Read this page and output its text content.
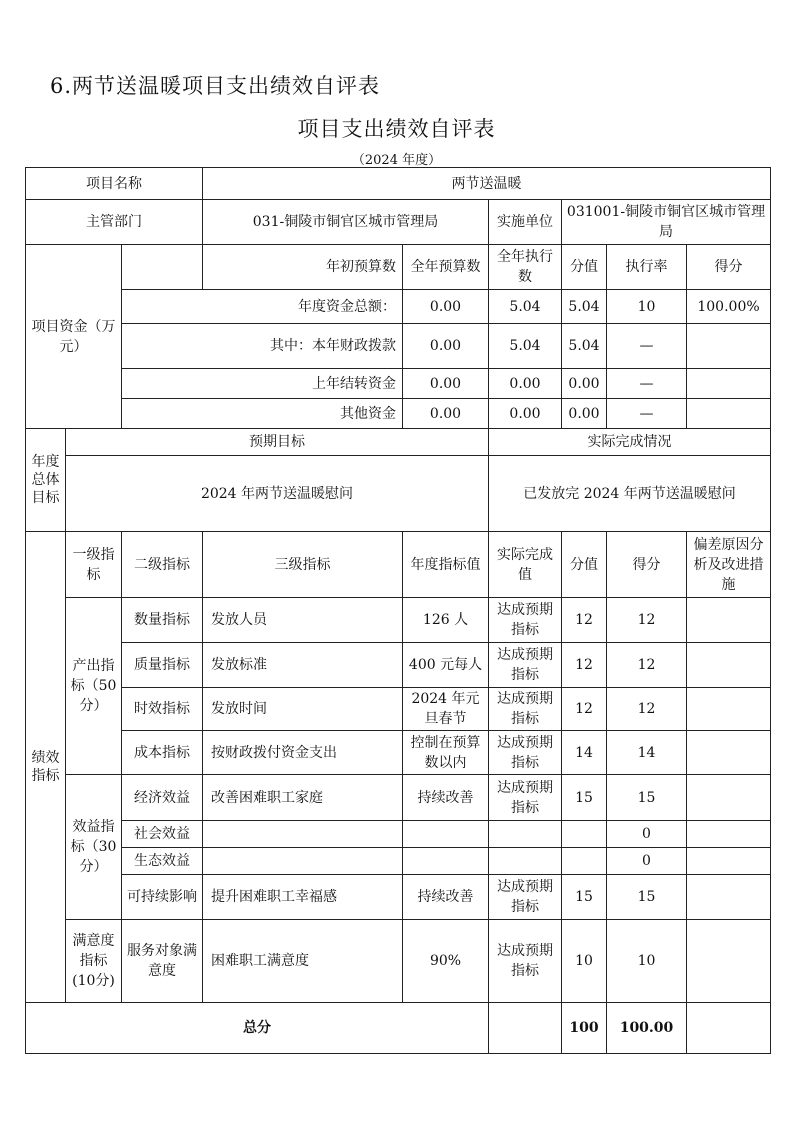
6.两节送温暖项目支出绩效自评表
项目支出绩效自评表
（2024 年度）
项目名称			两节送温暖						
主管部门			031-铜陵市铜官区城市管理局		实施单位	031001-铜陵市铜官区城市管理局			
项目资金（万元）			年初预算数	全年预算数	全年执行数	分值	执行率	得分	
		年度资金总额：		0.00	5.04	5.04	10	100.00%	
		其中：本年财政拨款		0.00	5.04	5.04	—		
		上年结转资金		0.00	0.00	0.00	—		
		其他资金		0.00	0.00	0.00	—		
年度总体目标	预期目标				实际完成情况				
	2024 年两节送温暖慰问				已发放完 2024 年两节送温暖慰问				
绩效指标	一级指标	二级指标	三级指标	年度指标值	实际完成值	分值	得分	偏差原因分析及改进措施	
	产出指标（50分）	数量指标	发放人员	126 人	达成预期指标	12	12		
		质量指标	发放标准	400 元每人	达成预期指标	12	12		
		时效指标	发放时间	2024 年元旦春节	达成预期指标	12	12		
		成本指标	按财政拨付资金支出	控制在预算数以内	达成预期指标	14	14		
	效益指标（30分）	经济效益	改善困难职工家庭	持续改善	达成预期指标	15	15		
		社会效益					0		
		生态效益					0		
		可持续影响	提升困难职工幸福感	持续改善	达成预期指标	15	15		
	满意度指标(10分)	服务对象满意度	困难职工满意度	90%	达成预期指标	10	10		
总分						100	100.00		
